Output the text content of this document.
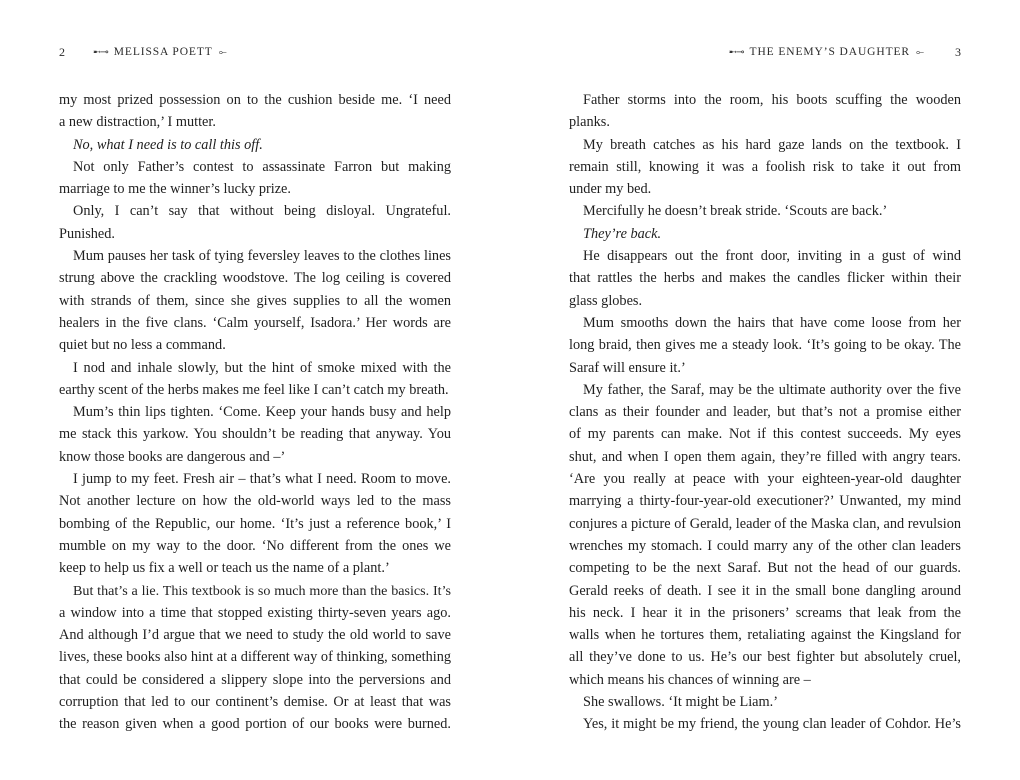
2	➸⊸ MELISSA POETT ⟜

my most prized possession on to the cushion beside me. ‘I need

a new distraction,’ I mutter.

No, what I need is to call this off.

Not only Father’s contest to assassinate Farron but making

marriage to me the winner’s lucky prize.

Only, I can’t say that without being disloyal. Ungrateful.

Punished.

Mum pauses her task of tying feversley leaves to the clothes lines

strung above the crackling woodstove. The log ceiling is covered

with strands of them, since she gives supplies to all the women

healers in the five clans. ‘Calm yourself, Isadora.’ Her words are

quiet but no less a command.

I nod and inhale slowly, but the hint of smoke mixed with the

earthy scent of the herbs makes me feel like I can’t catch my breath.

Mum’s thin lips tighten. ‘Come. Keep your hands busy and help

me stack this yarkow. You shouldn’t be reading that anyway. You

know those books are dangerous and –’

I jump to my feet. Fresh air – that’s what I need. Room to move.

Not another lecture on how the old-world ways led to the mass

bombing of the Republic, our home. ‘It’s just a reference book,’ I

mumble on my way to the door. ‘No different from the ones we

keep to help us fix a well or teach us the name of a plant.’

But that’s a lie. This textbook is so much more than the basics. It’s

a window into a time that stopped existing thirty-seven years ago.

And although I’d argue that we need to study the old world to save

lives, these books also hint at a different way of thinking, something

that could be considered a slippery slope into the perversions and

corruption that led to our continent’s demise. Or at least that was

the reason given when a good portion of our books were burned.

➸⊸ THE ENEMY’S DAUGHTER ⟜	3

Father storms into the room, his boots scuffing the wooden

planks.

My breath catches as his hard gaze lands on the textbook. I

remain still, knowing it was a foolish risk to take it out from

under my bed.

Mercifully he doesn’t break stride. ‘Scouts are back.’

They’re back.

He disappears out the front door, inviting in a gust of wind

that rattles the herbs and makes the candles flicker within their

glass globes.

Mum smooths down the hairs that have come loose from her

long braid, then gives me a steady look. ‘It’s going to be okay. The

Saraf will ensure it.’

My father, the Saraf, may be the ultimate authority over the five

clans as their founder and leader, but that’s not a promise either

of my parents can make. Not if this contest succeeds. My eyes

shut, and when I open them again, they’re filled with angry tears.

‘Are you really at peace with your eighteen-year-old daughter

marrying a thirty-four-year-old executioner?’ Unwanted, my mind

conjures a picture of Gerald, leader of the Maska clan, and revulsion

wrenches my stomach. I could marry any of the other clan leaders

competing to be the next Saraf. But not the head of our guards.

Gerald reeks of death. I see it in the small bone dangling around

his neck. I hear it in the prisoners’ screams that leak from the

walls when he tortures them, retaliating against the Kingsland for

all they’ve done to us. He’s our best fighter but absolutely cruel,

which means his chances of winning are –

She swallows. ‘It might be Liam.’

Yes, it might be my friend, the young clan leader of Cohdor. He’s
